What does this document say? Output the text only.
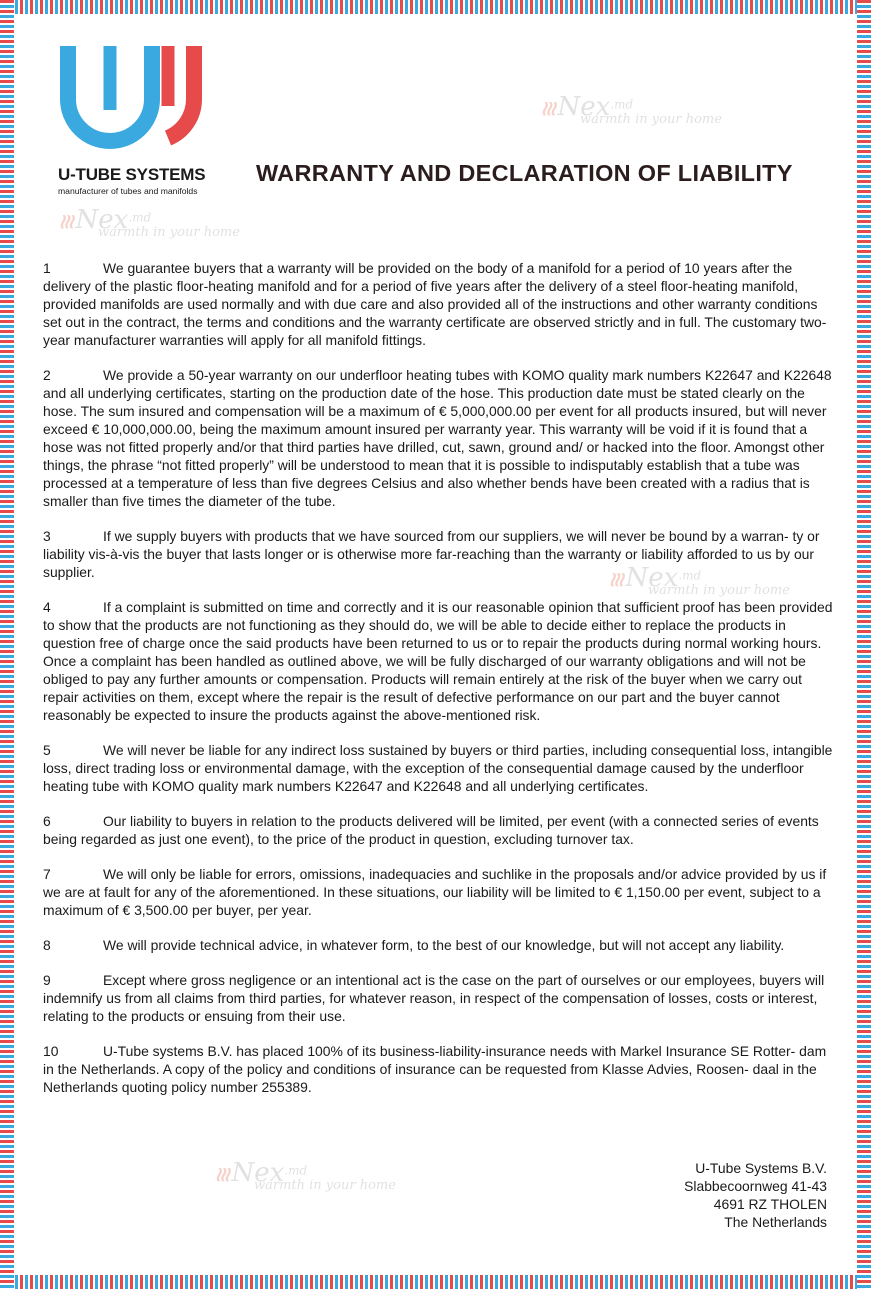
U-TUBE SYSTEMS
manufacturer of tubes and manifolds
WARRANTY AND DECLARATION OF LIABILITY
≀≀≀ Nex$^{.md}$
warmth in your home
≀≀≀ Nex$^{.md}$
warmth in your home
≀≀≀ Nex$^{.md}$
warmth in your home
≀≀≀ Nex$^{.md}$
warmth in your home

1	We guarantee buyers that a warranty will be provided on the body of a manifold for a period of 10 years after the delivery of the plastic floor-heating manifold and for a period of five years after the delivery of a steel floor-heating manifold, provided manifolds are used normally and with due care and also provided all of the instructions and other warranty conditions set out in the contract, the terms and conditions and the warranty certificate are observed strictly and in full. The customary two-year manufacturer warranties will apply for all manifold fittings.

2	We provide a 50-year warranty on our underfloor heating tubes with KOMO quality mark numbers K22647 and K22648 and all underlying certificates, starting on the production date of the hose. This production date must be stated clearly on the hose. The sum insured and compensation will be a maximum of € 5,000,000.00 per event for all products insured, but will never exceed € 10,000,000.00, being the maximum amount insured per warranty year. This warranty will be void if it is found that a hose was not fitted properly and/or that third parties have drilled, cut, sawn, ground and/ or hacked into the floor. Amongst other things, the phrase “not fitted properly” will be understood to mean that it is possible to indisputably establish that a tube was processed at a temperature of less than five degrees Celsius and also whether bends have been created with a radius that is smaller than five times the diameter of the tube.

3	If we supply buyers with products that we have sourced from our suppliers, we will never be bound by a warran- ty or liability vis-à-vis the buyer that lasts longer or is otherwise more far-reaching than the warranty or liability afforded to us by our supplier.

4	If a complaint is submitted on time and correctly and it is our reasonable opinion that sufficient proof has been provided to show that the products are not functioning as they should do, we will be able to decide either to replace the products in question free of charge once the said products have been returned to us or to repair the products during normal working hours. Once a complaint has been handled as outlined above, we will be fully discharged of our warranty obligations and will not be obliged to pay any further amounts or compensation. Products will remain entirely at the risk of the buyer when we carry out repair activities on them, except where the repair is the result of defective performance on our part and the buyer cannot reasonably be expected to insure the products against the above-mentioned risk.

5	We will never be liable for any indirect loss sustained by buyers or third parties, including consequential loss, intangible loss, direct trading loss or environmental damage, with the exception of the consequential damage caused by the underfloor heating tube with KOMO quality mark numbers K22647 and K22648 and all underlying certificates.

6	Our liability to buyers in relation to the products delivered will be limited, per event (with a connected series of events being regarded as just one event), to the price of the product in question, excluding turnover tax.

7	We will only be liable for errors, omissions, inadequacies and suchlike in the proposals and/or advice provided by us if we are at fault for any of the aforementioned. In these situations, our liability will be limited to € 1,150.00 per event, subject to a maximum of € 3,500.00 per buyer, per year.

8	We will provide technical advice, in whatever form, to the best of our knowledge, but will not accept any liability.

9	Except where gross negligence or an intentional act is the case on the part of ourselves or our employees, buyers will indemnify us from all claims from third parties, for whatever reason, in respect of the compensation of losses, costs or interest, relating to the products or ensuing from their use.

10	U-Tube systems B.V. has placed 100% of its business-liability-insurance needs with Markel Insurance SE Rotter- dam in the Netherlands. A copy of the policy and conditions of insurance can be requested from Klasse Advies, Roosen- daal in the Netherlands quoting policy number 255389.

U-Tube Systems B.V.
Slabbecoornweg 41-43
4691 RZ THOLEN
The Netherlands
